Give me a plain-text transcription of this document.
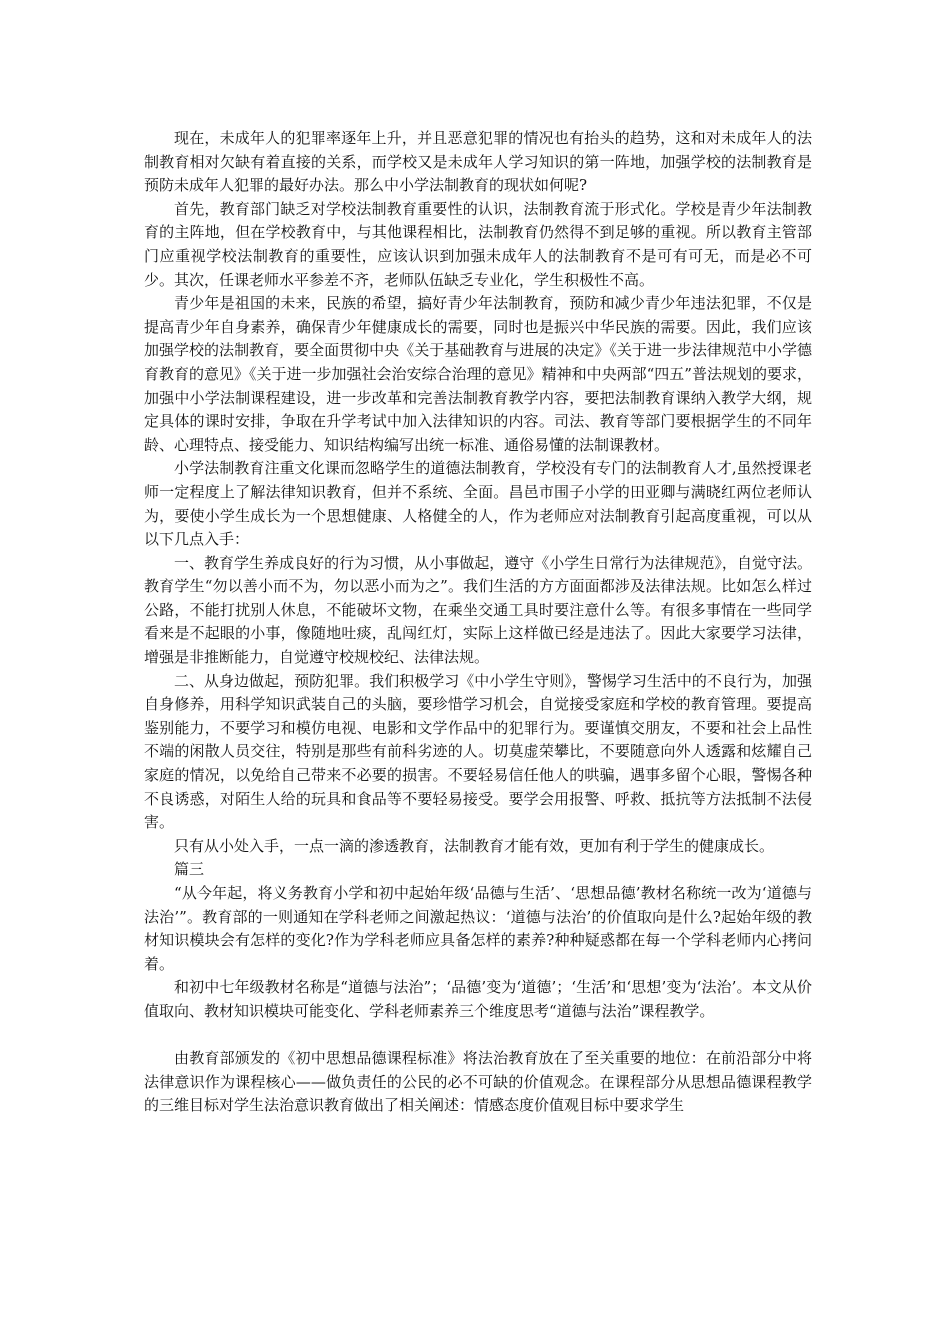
现在，未成年人的犯罪率逐年上升，并且恶意犯罪的情况也有抬头的趋势，这和对未成年人的法制教育相对欠缺有着直接的关系，而学校又是未成年人学习知识的第一阵地，加强学校的法制教育是预防未成年人犯罪的最好办法。那么中小学法制教育的现状如何呢?

首先，教育部门缺乏对学校法制教育重要性的认识，法制教育流于形式化。学校是青少年法制教育的主阵地，但在学校教育中，与其他课程相比，法制教育仍然得不到足够的重视。所以教育主管部门应重视学校法制教育的重要性，应该认识到加强未成年人的法制教育不是可有可无，而是必不可少。其次，任课老师水平参差不齐，老师队伍缺乏专业化，学生积极性不高。

青少年是祖国的未来，民族的希望，搞好青少年法制教育，预防和减少青少年违法犯罪，不仅是提高青少年自身素养，确保青少年健康成长的需要，同时也是振兴中华民族的需要。因此，我们应该加强学校的法制教育，要全面贯彻中央《关于基础教育与进展的决定》《关于进一步法律规范中小学德育教育的意见》《关于进一步加强社会治安综合治理的意见》精神和中央两部“四五”普法规划的要求，加强中小学法制课程建设，进一步改革和完善法制教育教学内容，要把法制教育课纳入教学大纲，规定具体的课时安排，争取在升学考试中加入法律知识的内容。司法、教育等部门要根据学生的不同年龄、心理特点、接受能力、知识结构编写出统一标准、通俗易懂的法制课教材。

小学法制教育注重文化课而忽略学生的道德法制教育，学校没有专门的法制教育人才,虽然授课老师一定程度上了解法律知识教育，但并不系统、全面。昌邑市围子小学的田亚卿与满晓红两位老师认为，要使小学生成长为一个思想健康、人格健全的人，作为老师应对法制教育引起高度重视，可以从以下几点入手：

一、教育学生养成良好的行为习惯，从小事做起，遵守《小学生日常行为法律规范》，自觉守法。教育学生“勿以善小而不为，勿以恶小而为之”。我们生活的方方面面都涉及法律法规。比如怎么样过公路，不能打扰别人休息，不能破坏文物，在乘坐交通工具时要注意什么等。有很多事情在一些同学看来是不起眼的小事，像随地吐痰，乱闯红灯，实际上这样做已经是违法了。因此大家要学习法律，增强是非推断能力，自觉遵守校规校纪、法律法规。

二、从身边做起，预防犯罪。我们积极学习《中小学生守则》，警惕学习生活中的不良行为，加强自身修养，用科学知识武装自己的头脑，要珍惜学习机会，自觉接受家庭和学校的教育管理。要提高鉴别能力，不要学习和模仿电视、电影和文学作品中的犯罪行为。要谨慎交朋友，不要和社会上品性不端的闲散人员交往，特别是那些有前科劣迹的人。切莫虚荣攀比，不要随意向外人透露和炫耀自己家庭的情况，以免给自己带来不必要的损害。不要轻易信任他人的哄骗，遇事多留个心眼，警惕各种不良诱惑，对陌生人给的玩具和食品等不要轻易接受。要学会用报警、呼救、抵抗等方法抵制不法侵害。

只有从小处入手，一点一滴的渗透教育，法制教育才能有效，更加有利于学生的健康成长。

篇三

“从今年起，将义务教育小学和初中起始年级‘品德与生活’、‘思想品德’教材名称统一改为‘道德与法治’”。教育部的一则通知在学科老师之间激起热议：‘道德与法治’的价值取向是什么?起始年级的教材知识模块会有怎样的变化?作为学科老师应具备怎样的素养?种种疑惑都在每一个学科老师内心拷问着。

和初中七年级教材名称是“道德与法治”；‘品德’变为‘道德’；‘生活’和‘思想’变为‘法治’。本文从价值取向、教材知识模块可能变化、学科老师素养三个维度思考“道德与法治”课程教学。

由教育部颁发的《初中思想品德课程标准》将法治教育放在了至关重要的地位：在前沿部分中将法律意识作为课程核心——做负责任的公民的必不可缺的价值观念。在课程部分从思想品德课程教学的三维目标对学生法治意识教育做出了相关阐述：情感态度价值观目标中要求学生
